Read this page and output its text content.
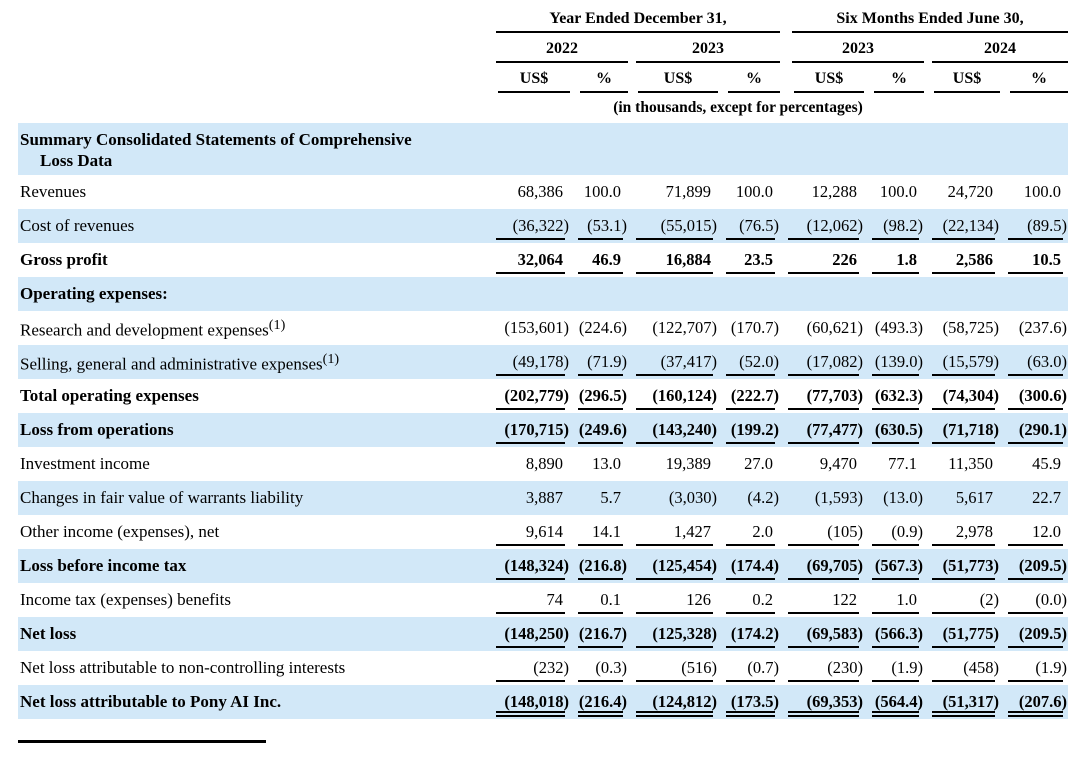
Year Ended December 31,	Six Months Ended June 30,
2022	2023	2023	2024
US$	%	US$	%	US$	%	US$	%
(in thousands, except for percentages)
Summary Consolidated Statements of Comprehensive
Loss Data
Revenues	68,386	100.0	71,899	100.0	12,288	100.0	24,720	100.0
Cost of revenues	(36,322)	(53.1)	(55,015)	(76.5)	(12,062)	(98.2)	(22,134)	(89.5)
Gross profit	32,064	46.9	16,884	23.5	226	1.8	2,586	10.5
Operating expenses:
Research and development expenses$^{(1)}$	(153,601) (224.6)	(122,707) (170.7)	(60,621) (493.3)	(58,725)	(237.6)
Selling, general and administrative expenses$^{(1)}$	(49,178)	(71.9)	(37,417)	(52.0)	(17,082) (139.0)	(15,579)	(63.0)
Total operating expenses	(202,779) (296.5)	(160,124) (222.7)	(77,703) (632.3)	(74,304)	(300.6)
Loss from operations	(170,715) (249.6)	(143,240) (199.2)	(77,477) (630.5)	(71,718)	(290.1)
Investment income	8,890	13.0	19,389	27.0	9,470	77.1	11,350	45.9
Changes in fair value of warrants liability	3,887	5.7	(3,030)	(4.2)	(1,593)	(13.0)	5,617	22.7
Other income (expenses), net	9,614	14.1	1,427	2.0	(105)	(0.9)	2,978	12.0
Loss before income tax	(148,324) (216.8)	(125,454) (174.4)	(69,705) (567.3)	(51,773)	(209.5)
Income tax (expenses) benefits	74	0.1	126	0.2	122	1.0	(2)	(0.0)
Net loss	(148,250) (216.7)	(125,328) (174.2)	(69,583) (566.3)	(51,775)	(209.5)
Net loss attributable to non-controlling interests	(232)	(0.3)	(516)	(0.7)	(230)	(1.9)	(458)	(1.9)
Net loss attributable to Pony AI Inc.	(148,018) (216.4)	(124,812) (173.5)	(69,353) (564.4)	(51,317)	(207.6)
